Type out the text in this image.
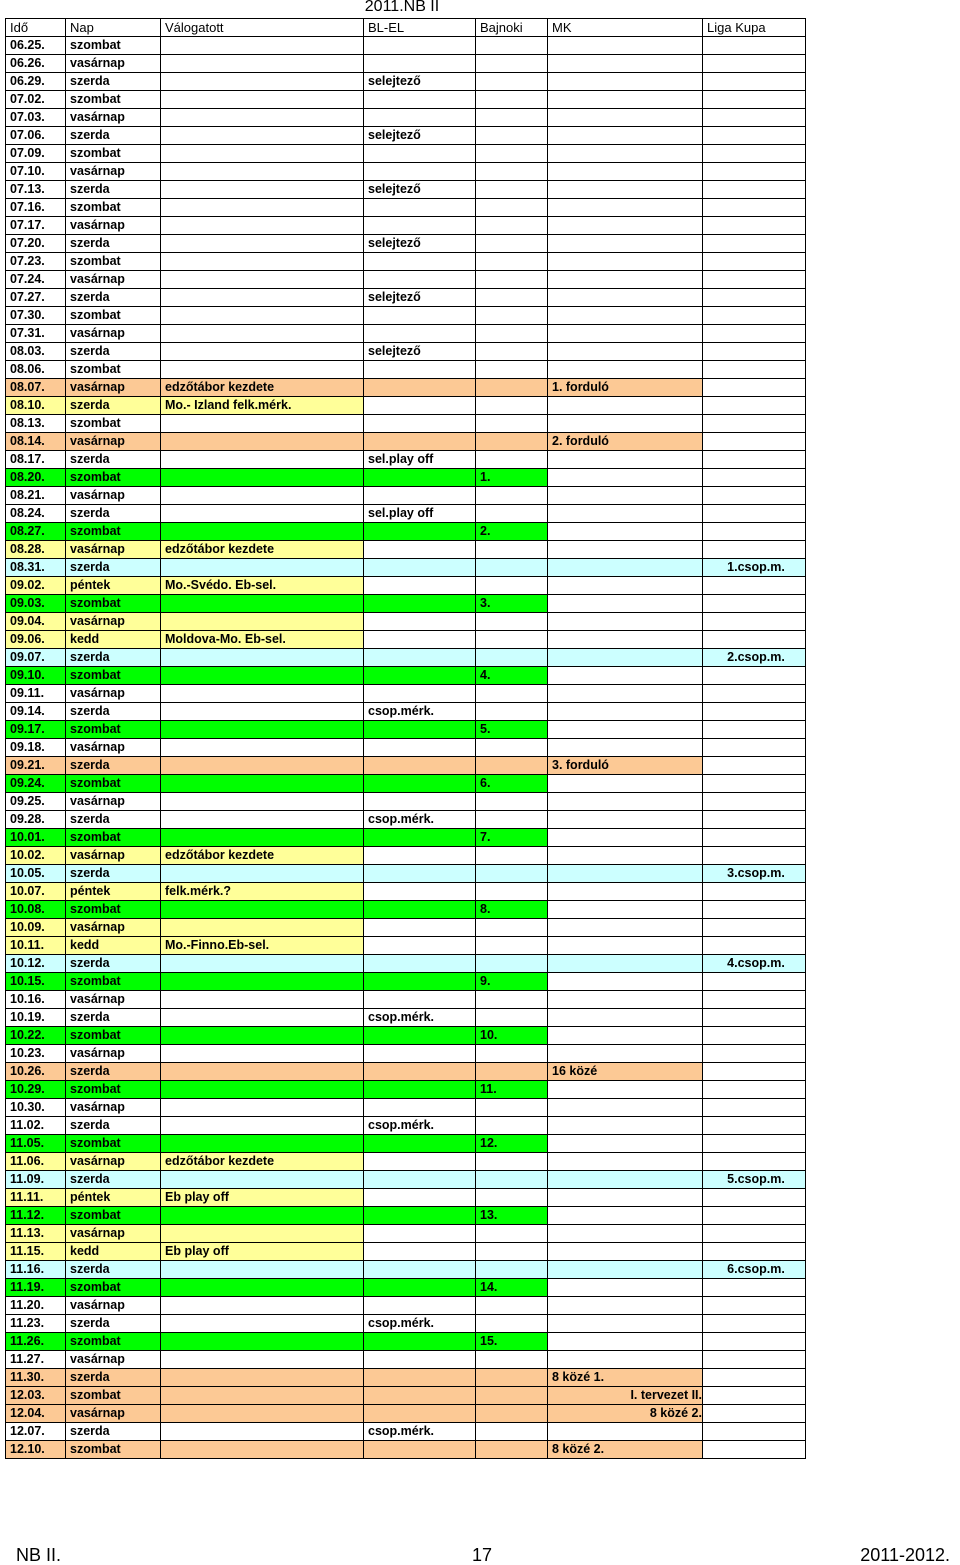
2011.NB II
Idő	Nap	Válogatott	BL-EL	Bajnoki	MK	Liga Kupa
06.25.	szombat					
06.26.	vasárnap					
06.29.	szerda		selejtező			
07.02.	szombat					
07.03.	vasárnap					
07.06.	szerda		selejtező			
07.09.	szombat					
07.10.	vasárnap					
07.13.	szerda		selejtező			
07.16.	szombat					
07.17.	vasárnap					
07.20.	szerda		selejtező			
07.23.	szombat					
07.24.	vasárnap					
07.27.	szerda		selejtező			
07.30.	szombat					
07.31.	vasárnap					
08.03.	szerda		selejtező			
08.06.	szombat					
08.07.	vasárnap	edzőtábor kezdete			1. forduló	
08.10.	szerda	Mo.- Izland felk.mérk.				
08.13.	szombat					
08.14.	vasárnap				2. forduló	
08.17.	szerda		sel.play off			
08.20.	szombat			1.		
08.21.	vasárnap					
08.24.	szerda		sel.play off			
08.27.	szombat			2.		
08.28.	vasárnap	edzőtábor kezdete				
08.31.	szerda					1.csop.m.
09.02.	péntek	Mo.-Svédo. Eb-sel.				
09.03.	szombat			3.		
09.04.	vasárnap					
09.06.	kedd	Moldova-Mo. Eb-sel.				
09.07.	szerda					2.csop.m.
09.10.	szombat			4.		
09.11.	vasárnap					
09.14.	szerda		csop.mérk.			
09.17.	szombat			5.		
09.18.	vasárnap					
09.21.	szerda				3. forduló	
09.24.	szombat			6.		
09.25.	vasárnap					
09.28.	szerda		csop.mérk.			
10.01.	szombat			7.		
10.02.	vasárnap	edzőtábor kezdete				
10.05.	szerda					3.csop.m.
10.07.	péntek	felk.mérk.?				
10.08.	szombat			8.		
10.09.	vasárnap					
10.11.	kedd	Mo.-Finno.Eb-sel.				
10.12.	szerda					4.csop.m.
10.15.	szombat			9.		
10.16.	vasárnap					
10.19.	szerda		csop.mérk.			
10.22.	szombat			10.		
10.23.	vasárnap					
10.26.	szerda				16 közé	
10.29.	szombat			11.		
10.30.	vasárnap					
11.02.	szerda		csop.mérk.			
11.05.	szombat			12.		
11.06.	vasárnap	edzőtábor kezdete				
11.09.	szerda					5.csop.m.
11.11.	péntek	Eb play off				
11.12.	szombat			13.		
11.13.	vasárnap					
11.15.	kedd	Eb play off				
11.16.	szerda					6.csop.m.
11.19.	szombat			14.		
11.20.	vasárnap					
11.23.	szerda		csop.mérk.			
11.26.	szombat			15.		
11.27.	vasárnap					
11.30.	szerda				8 közé 1.	
12.03.	szombat				I. tervezet II.	
12.04.	vasárnap				8 közé 2.	
12.07.	szerda		csop.mérk.			
12.10.	szombat				8 közé 2.	
NB II.	17	2011-2012.
